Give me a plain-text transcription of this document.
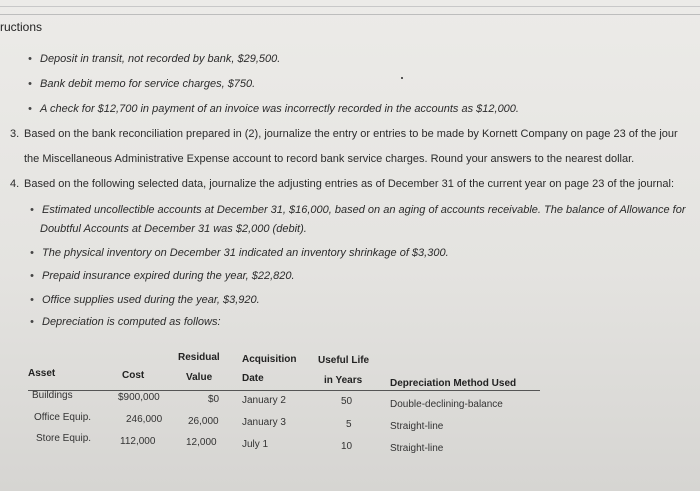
ructions
• Deposit in transit, not recorded by bank, $29,500.
• Bank debit memo for service charges, $750.
• A check for $12,700 in payment of an invoice was incorrectly recorded in the accounts as $12,000.
3. Based on the bank reconciliation prepared in (2), journalize the entry or entries to be made by Kornett Company on page 23 of the jour
the Miscellaneous Administrative Expense account to record bank service charges. Round your answers to the nearest dollar.
4. Based on the following selected data, journalize the adjusting entries as of December 31 of the current year on page 23 of the journal:
• Estimated uncollectible accounts at December 31, $16,000, based on an aging of accounts receivable. The balance of Allowance for
Doubtful Accounts at December 31 was $2,000 (debit).
• The physical inventory on December 31 indicated an inventory shrinkage of $3,300.
• Prepaid insurance expired during the year, $22,820.
• Office supplies used during the year, $3,920.
• Depreciation is computed as follows:
Residual
Value
Acquisition
Date
Useful Life
in Years
Asset	Cost
Depreciation Method Used
Buildings	$900,000	$0 January 2	50	Double-declining-balance
Office Equip.	246,000	26,000 January 3	5	Straight-line
Store Equip.	112,000	12,000	July 1	10	Straight-line
